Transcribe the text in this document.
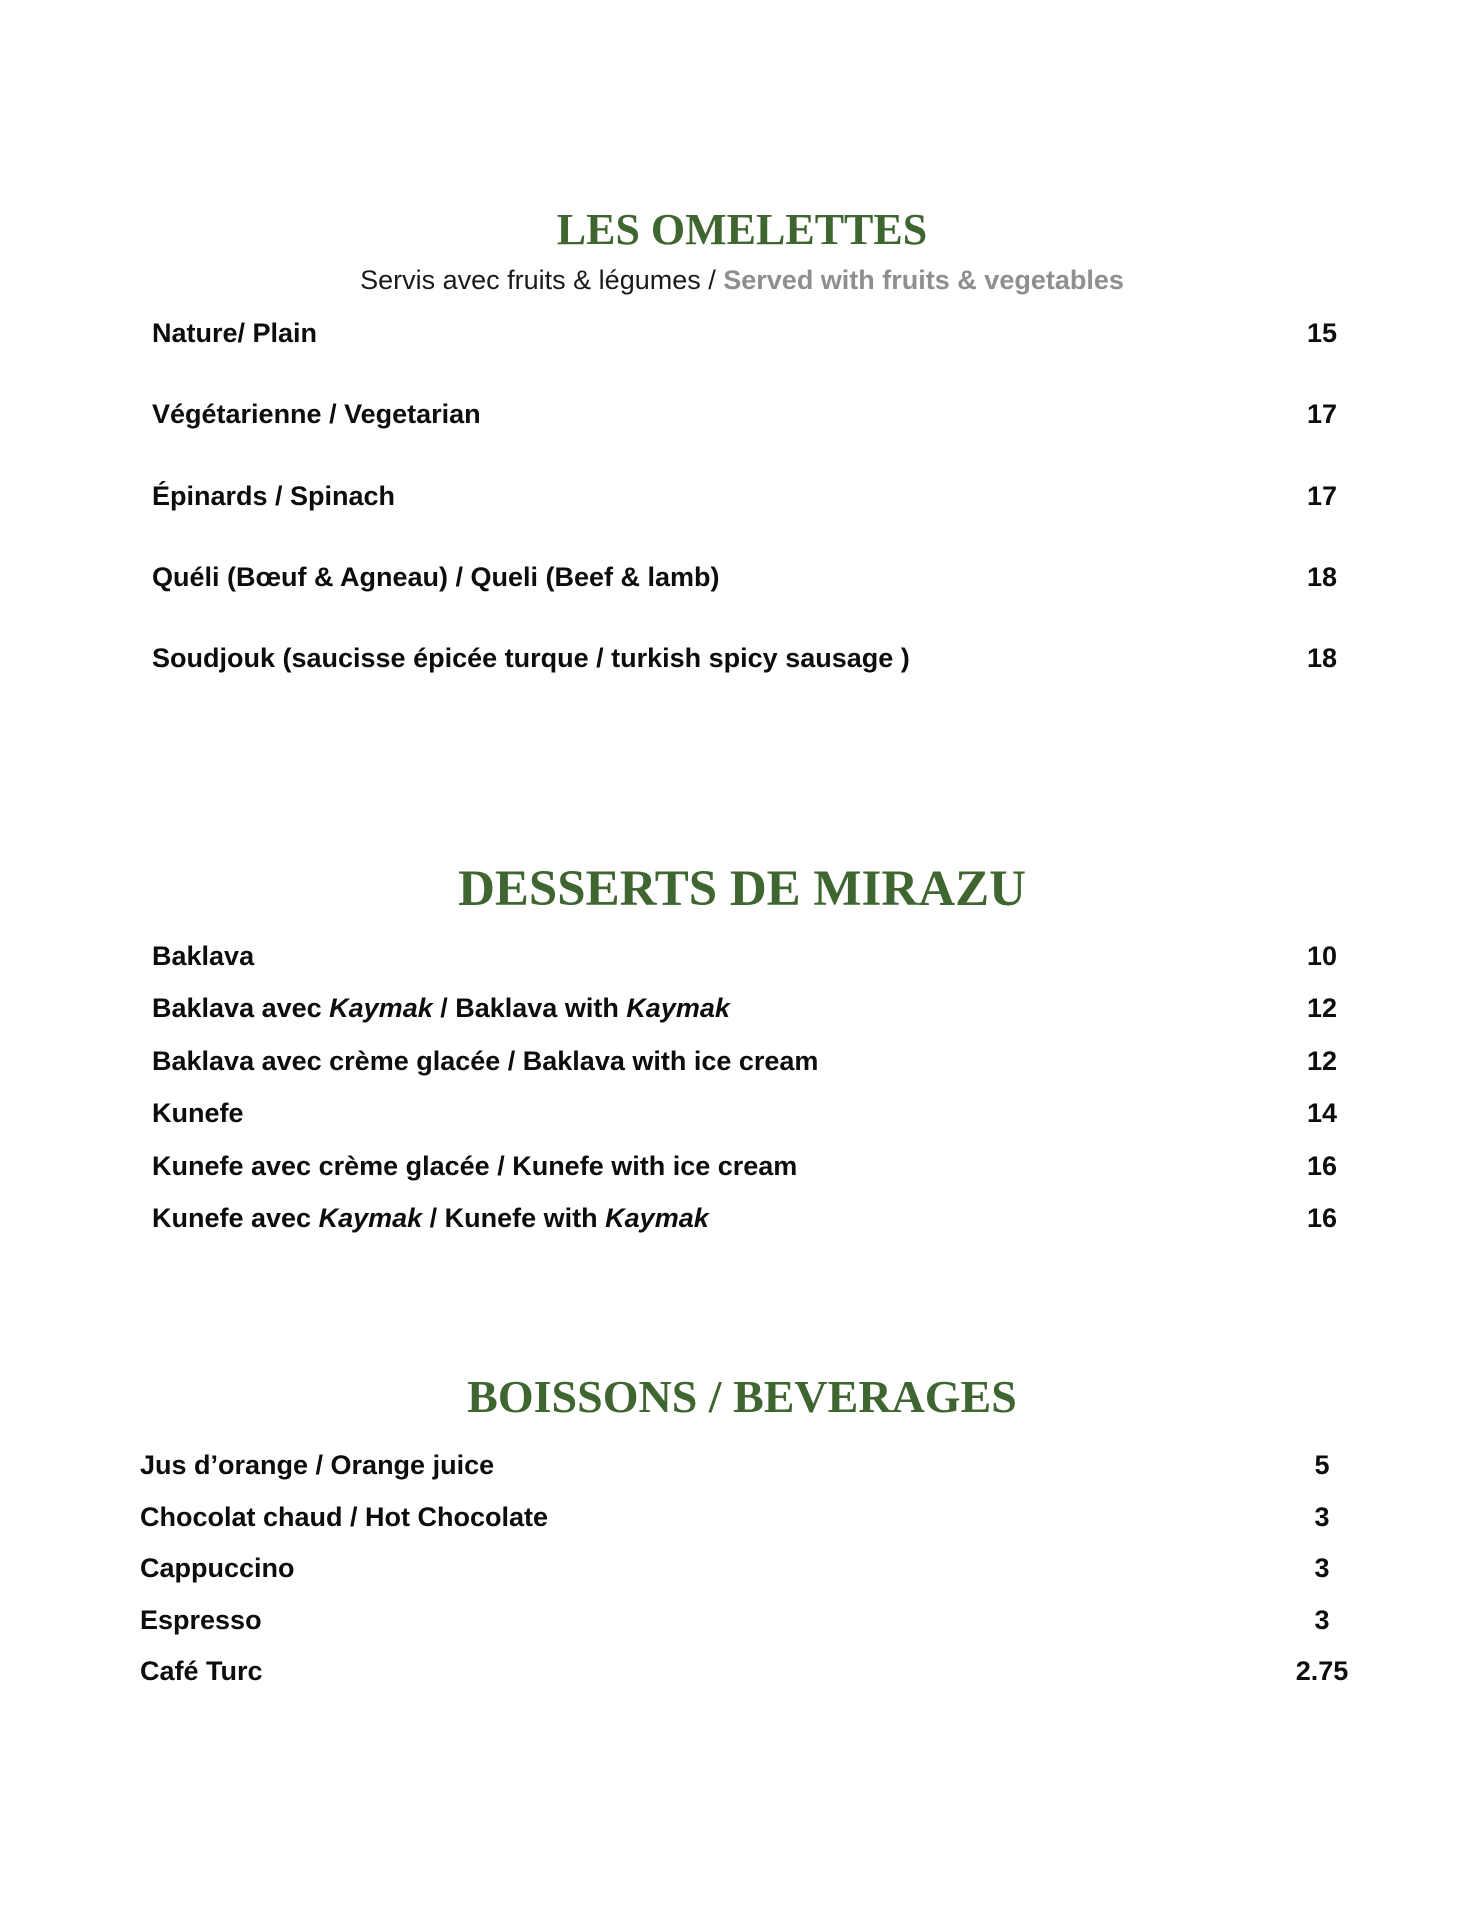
LES OMELETTES

Servis avec fruits & légumes / Served with fruits & vegetables

Nature/ Plain	15
Végétarienne / Vegetarian	17
Épinards / Spinach	17
Quéli (Bœuf & Agneau) / Queli (Beef & lamb)	18
Soudjouk (saucisse épicée turque / turkish spicy sausage )	18
DESSERTS DE MIRAZU
Baklava	10
Baklava avec Kaymak / Baklava with Kaymak	12
Baklava avec crème glacée / Baklava with ice cream	12
Kunefe	14
Kunefe avec crème glacée / Kunefe with ice cream	16
Kunefe avec Kaymak / Kunefe with Kaymak	16
BOISSONS / BEVERAGES
Jus d’orange / Orange juice	5
Chocolat chaud / Hot Chocolate	3
Cappuccino	3
Espresso	3
Café Turc	2.75
